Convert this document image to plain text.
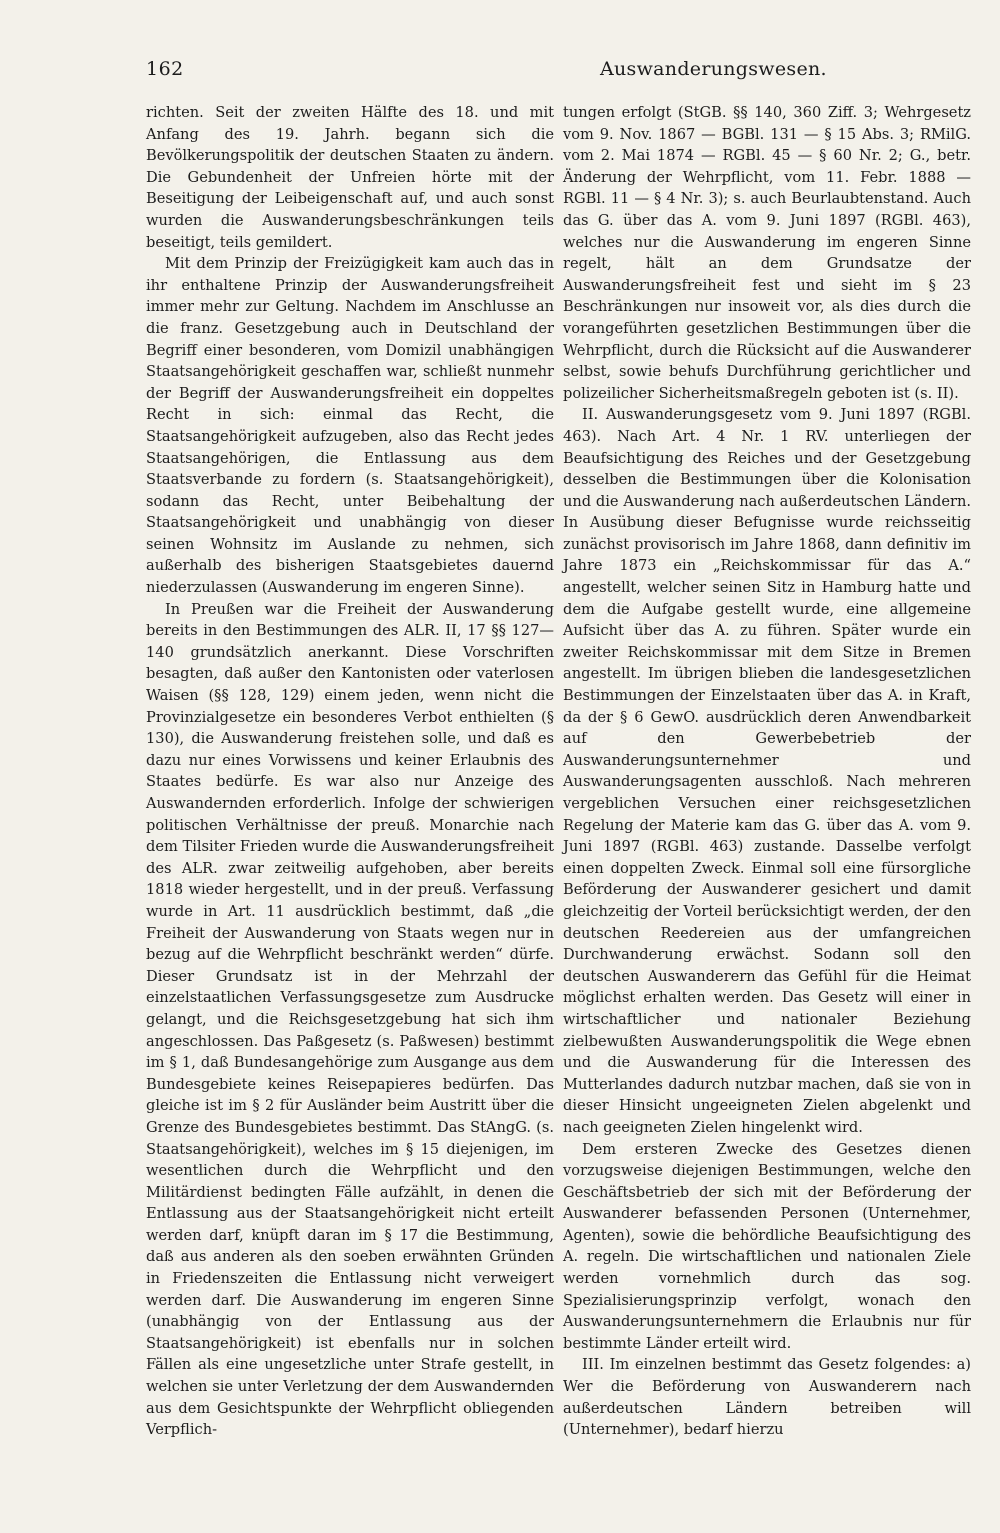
162	Auswanderungswesen.

richten. Seit der zweiten Hälfte des 18. und mit Anfang des 19. Jahrh. begann sich die Bevölkerungspolitik der deutschen Staaten zu ändern. Die Gebundenheit der Unfreien hörte mit der Beseitigung der Leibeigenschaft auf, und auch sonst wurden die Auswanderungsbeschränkungen teils beseitigt, teils gemildert.

Mit dem Prinzip der Freizügigkeit kam auch das in ihr enthaltene Prinzip der Auswanderungsfreiheit immer mehr zur Geltung. Nachdem im Anschlusse an die franz. Gesetzgebung auch in Deutschland der Begriff einer besonderen, vom Domizil unabhängigen Staatsangehörigkeit geschaffen war, schließt nunmehr der Begriff der Auswanderungsfreiheit ein doppeltes Recht in sich: einmal das Recht, die Staatsangehörigkeit aufzugeben, also das Recht jedes Staatsangehörigen, die Entlassung aus dem Staatsverbande zu fordern (s. Staatsangehörigkeit), sodann das Recht, unter Beibehaltung der Staatsangehörigkeit und unabhängig von dieser seinen Wohnsitz im Auslande zu nehmen, sich außerhalb des bisherigen Staatsgebietes dauernd niederzulassen (Auswanderung im engeren Sinne).

In Preußen war die Freiheit der Auswanderung bereits in den Bestimmungen des ALR. II, 17 §§ 127—140 grundsätzlich anerkannt. Diese Vorschriften besagten, daß außer den Kantonisten oder vaterlosen Waisen (§§ 128, 129) einem jeden, wenn nicht die Provinzialgesetze ein besonderes Verbot enthielten (§ 130), die Auswanderung freistehen solle, und daß es dazu nur eines Vorwissens und keiner Erlaubnis des Staates bedürfe. Es war also nur Anzeige des Auswandernden erforderlich. Infolge der schwierigen politischen Verhältnisse der preuß. Monarchie nach dem Tilsiter Frieden wurde die Auswanderungsfreiheit des ALR. zwar zeitweilig aufgehoben, aber bereits 1818 wieder hergestellt, und in der preuß. Verfassung wurde in Art. 11 ausdrücklich bestimmt, daß „die Freiheit der Auswanderung von Staats wegen nur in bezug auf die Wehrpflicht beschränkt werden“ dürfe. Dieser Grundsatz ist in der Mehrzahl der einzelstaatlichen Verfassungsgesetze zum Ausdrucke gelangt, und die Reichsgesetzgebung hat sich ihm angeschlossen. Das Paßgesetz (s. Paßwesen) bestimmt im § 1, daß Bundesangehörige zum Ausgange aus dem Bundesgebiete keines Reisepapieres bedürfen. Das gleiche ist im § 2 für Ausländer beim Austritt über die Grenze des Bundesgebietes bestimmt. Das StAngG. (s. Staatsangehörigkeit), welches im § 15 diejenigen, im wesentlichen durch die Wehrpflicht und den Militärdienst bedingten Fälle aufzählt, in denen die Entlassung aus der Staatsangehörigkeit nicht erteilt werden darf, knüpft daran im § 17 die Bestimmung, daß aus anderen als den soeben erwähnten Gründen in Friedenszeiten die Entlassung nicht verweigert werden darf. Die Auswanderung im engeren Sinne (unabhängig von der Entlassung aus der Staatsangehörigkeit) ist ebenfalls nur in solchen Fällen als eine ungesetzliche unter Strafe gestellt, in welchen sie unter Verletzung der dem Auswandernden aus dem Gesichtspunkte der Wehrpflicht obliegenden Verpflich-

tungen erfolgt (StGB. §§ 140, 360 Ziff. 3; Wehrgesetz vom 9. Nov. 1867 — BGBl. 131 — § 15 Abs. 3; RMilG. vom 2. Mai 1874 — RGBl. 45 — § 60 Nr. 2; G., betr. Änderung der Wehrpflicht, vom 11. Febr. 1888 — RGBl. 11 — § 4 Nr. 3); s. auch Beurlaubtenstand. Auch das G. über das A. vom 9. Juni 1897 (RGBl. 463), welches nur die Auswanderung im engeren Sinne regelt, hält an dem Grundsatze der Auswanderungsfreiheit fest und sieht im § 23 Beschränkungen nur insoweit vor, als dies durch die vorangeführten gesetzlichen Bestimmungen über die Wehrpflicht, durch die Rücksicht auf die Auswanderer selbst, sowie behufs Durchführung gerichtlicher und polizeilicher Sicherheitsmaßregeln geboten ist (s. II).

II. Auswanderungsgesetz vom 9. Juni 1897 (RGBl. 463). Nach Art. 4 Nr. 1 RV. unterliegen der Beaufsichtigung des Reiches und der Gesetzgebung desselben die Bestimmungen über die Kolonisation und die Auswanderung nach außerdeutschen Ländern. In Ausübung dieser Befugnisse wurde reichsseitig zunächst provisorisch im Jahre 1868, dann definitiv im Jahre 1873 ein „Reichskommissar für das A.“ angestellt, welcher seinen Sitz in Hamburg hatte und dem die Aufgabe gestellt wurde, eine allgemeine Aufsicht über das A. zu führen. Später wurde ein zweiter Reichskommissar mit dem Sitze in Bremen angestellt. Im übrigen blieben die landesgesetzlichen Bestimmungen der Einzelstaaten über das A. in Kraft, da der § 6 GewO. ausdrücklich deren Anwendbarkeit auf den Gewerbebetrieb der Auswanderungsunternehmer und Auswanderungsagenten ausschloß. Nach mehreren vergeblichen Versuchen einer reichsgesetzlichen Regelung der Materie kam das G. über das A. vom 9. Juni 1897 (RGBl. 463) zustande. Dasselbe verfolgt einen doppelten Zweck. Einmal soll eine fürsorgliche Beförderung der Auswanderer gesichert und damit gleichzeitig der Vorteil berücksichtigt werden, der den deutschen Reedereien aus der umfangreichen Durchwanderung erwächst. Sodann soll den deutschen Auswanderern das Gefühl für die Heimat möglichst erhalten werden. Das Gesetz will einer in wirtschaftlicher und nationaler Beziehung zielbewußten Auswanderungspolitik die Wege ebnen und die Auswanderung für die Interessen des Mutterlandes dadurch nutzbar machen, daß sie von in dieser Hinsicht ungeeigneten Zielen abgelenkt und nach geeigneten Zielen hingelenkt wird.

Dem ersteren Zwecke des Gesetzes dienen vorzugsweise diejenigen Bestimmungen, welche den Geschäftsbetrieb der sich mit der Beförderung der Auswanderer befassenden Personen (Unternehmer, Agenten), sowie die behördliche Beaufsichtigung des A. regeln. Die wirtschaftlichen und nationalen Ziele werden vornehmlich durch das sog. Spezialisierungsprinzip verfolgt, wonach den Auswanderungsunternehmern die Erlaubnis nur für bestimmte Länder erteilt wird.

III. Im einzelnen bestimmt das Gesetz folgendes: a) Wer die Beförderung von Auswanderern nach außerdeutschen Ländern betreiben will (Unternehmer), bedarf hierzu
